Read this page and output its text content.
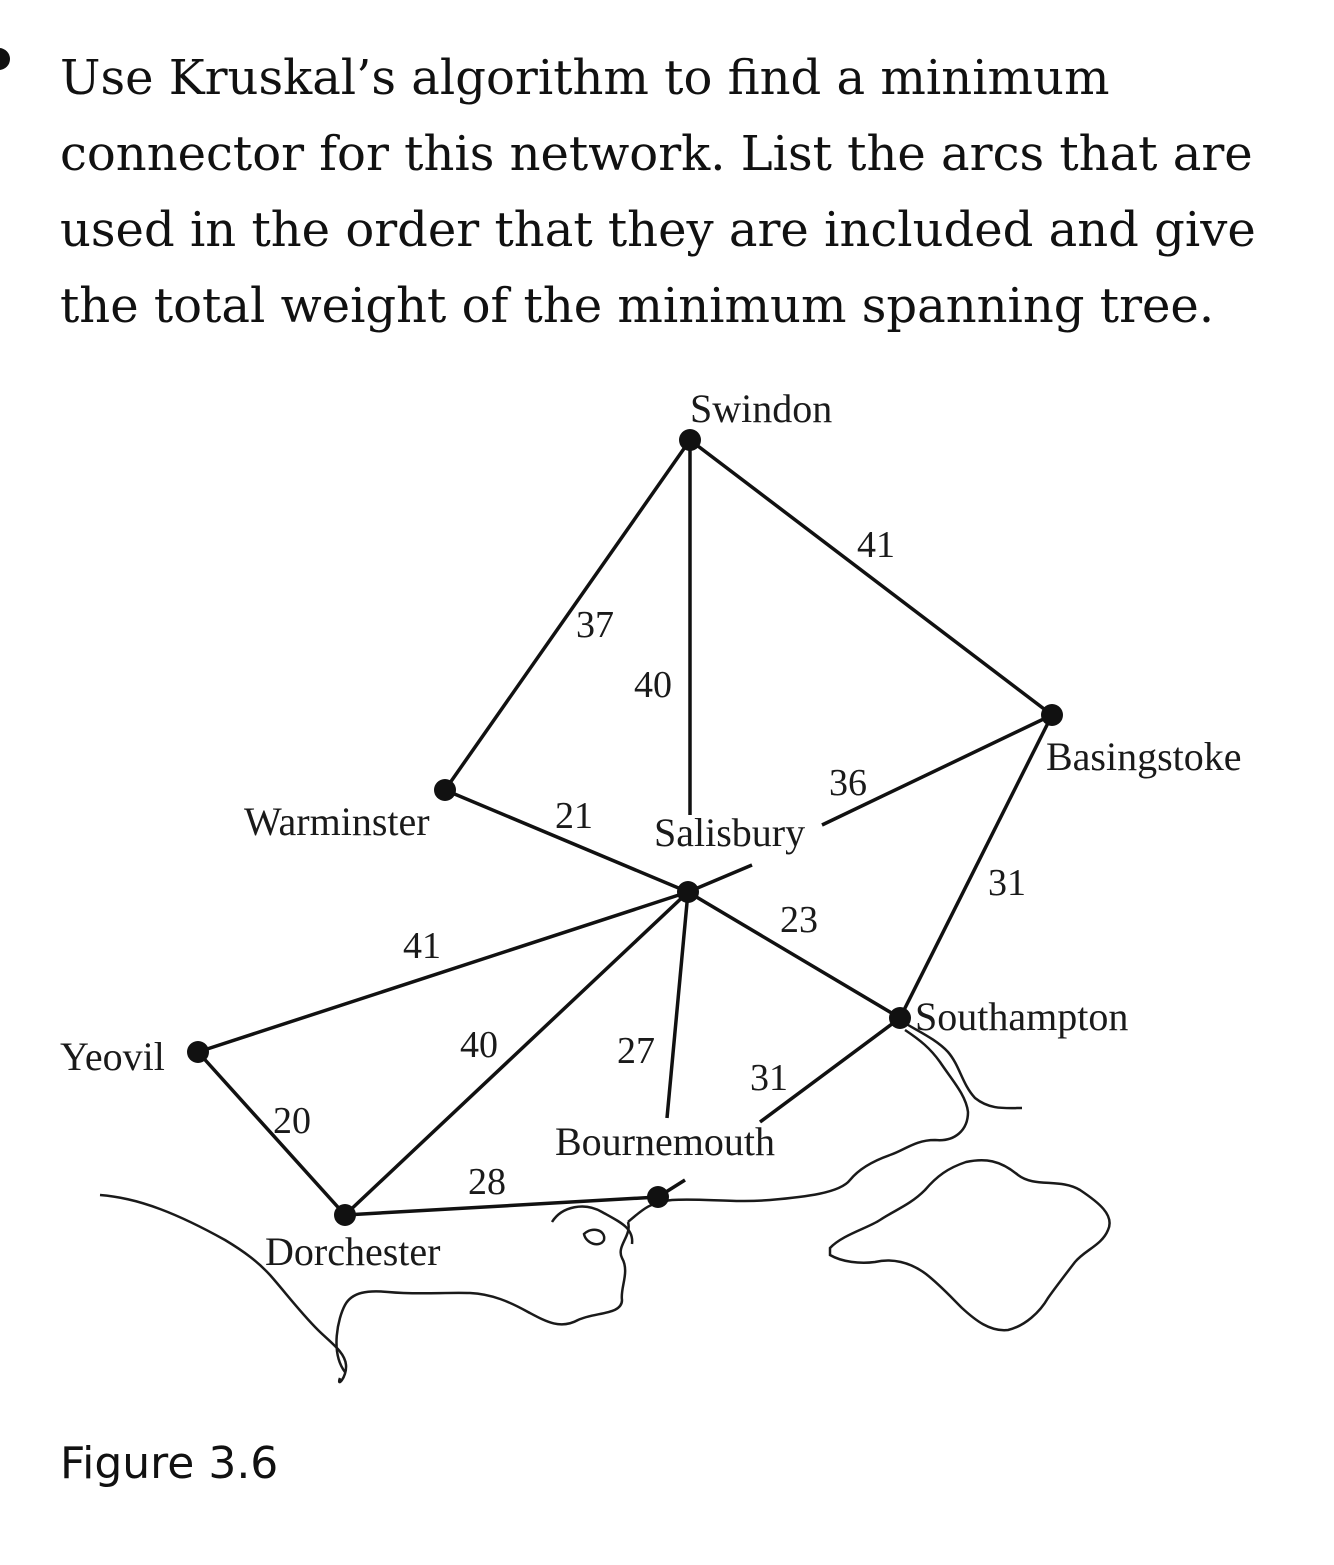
Use Kruskal’s algorithm to find a minimum
connector for this network. List the arcs that are
used in the order that they are included and give
the total weight of the minimum spanning tree.
Swindon
Basingstoke
Warminster	Salisbury
Southampton
Yeovil
Bournemouth
Dorchester
37
40
41
36
31
21
23
41
40	27
31
20
28
Figure 3.6
